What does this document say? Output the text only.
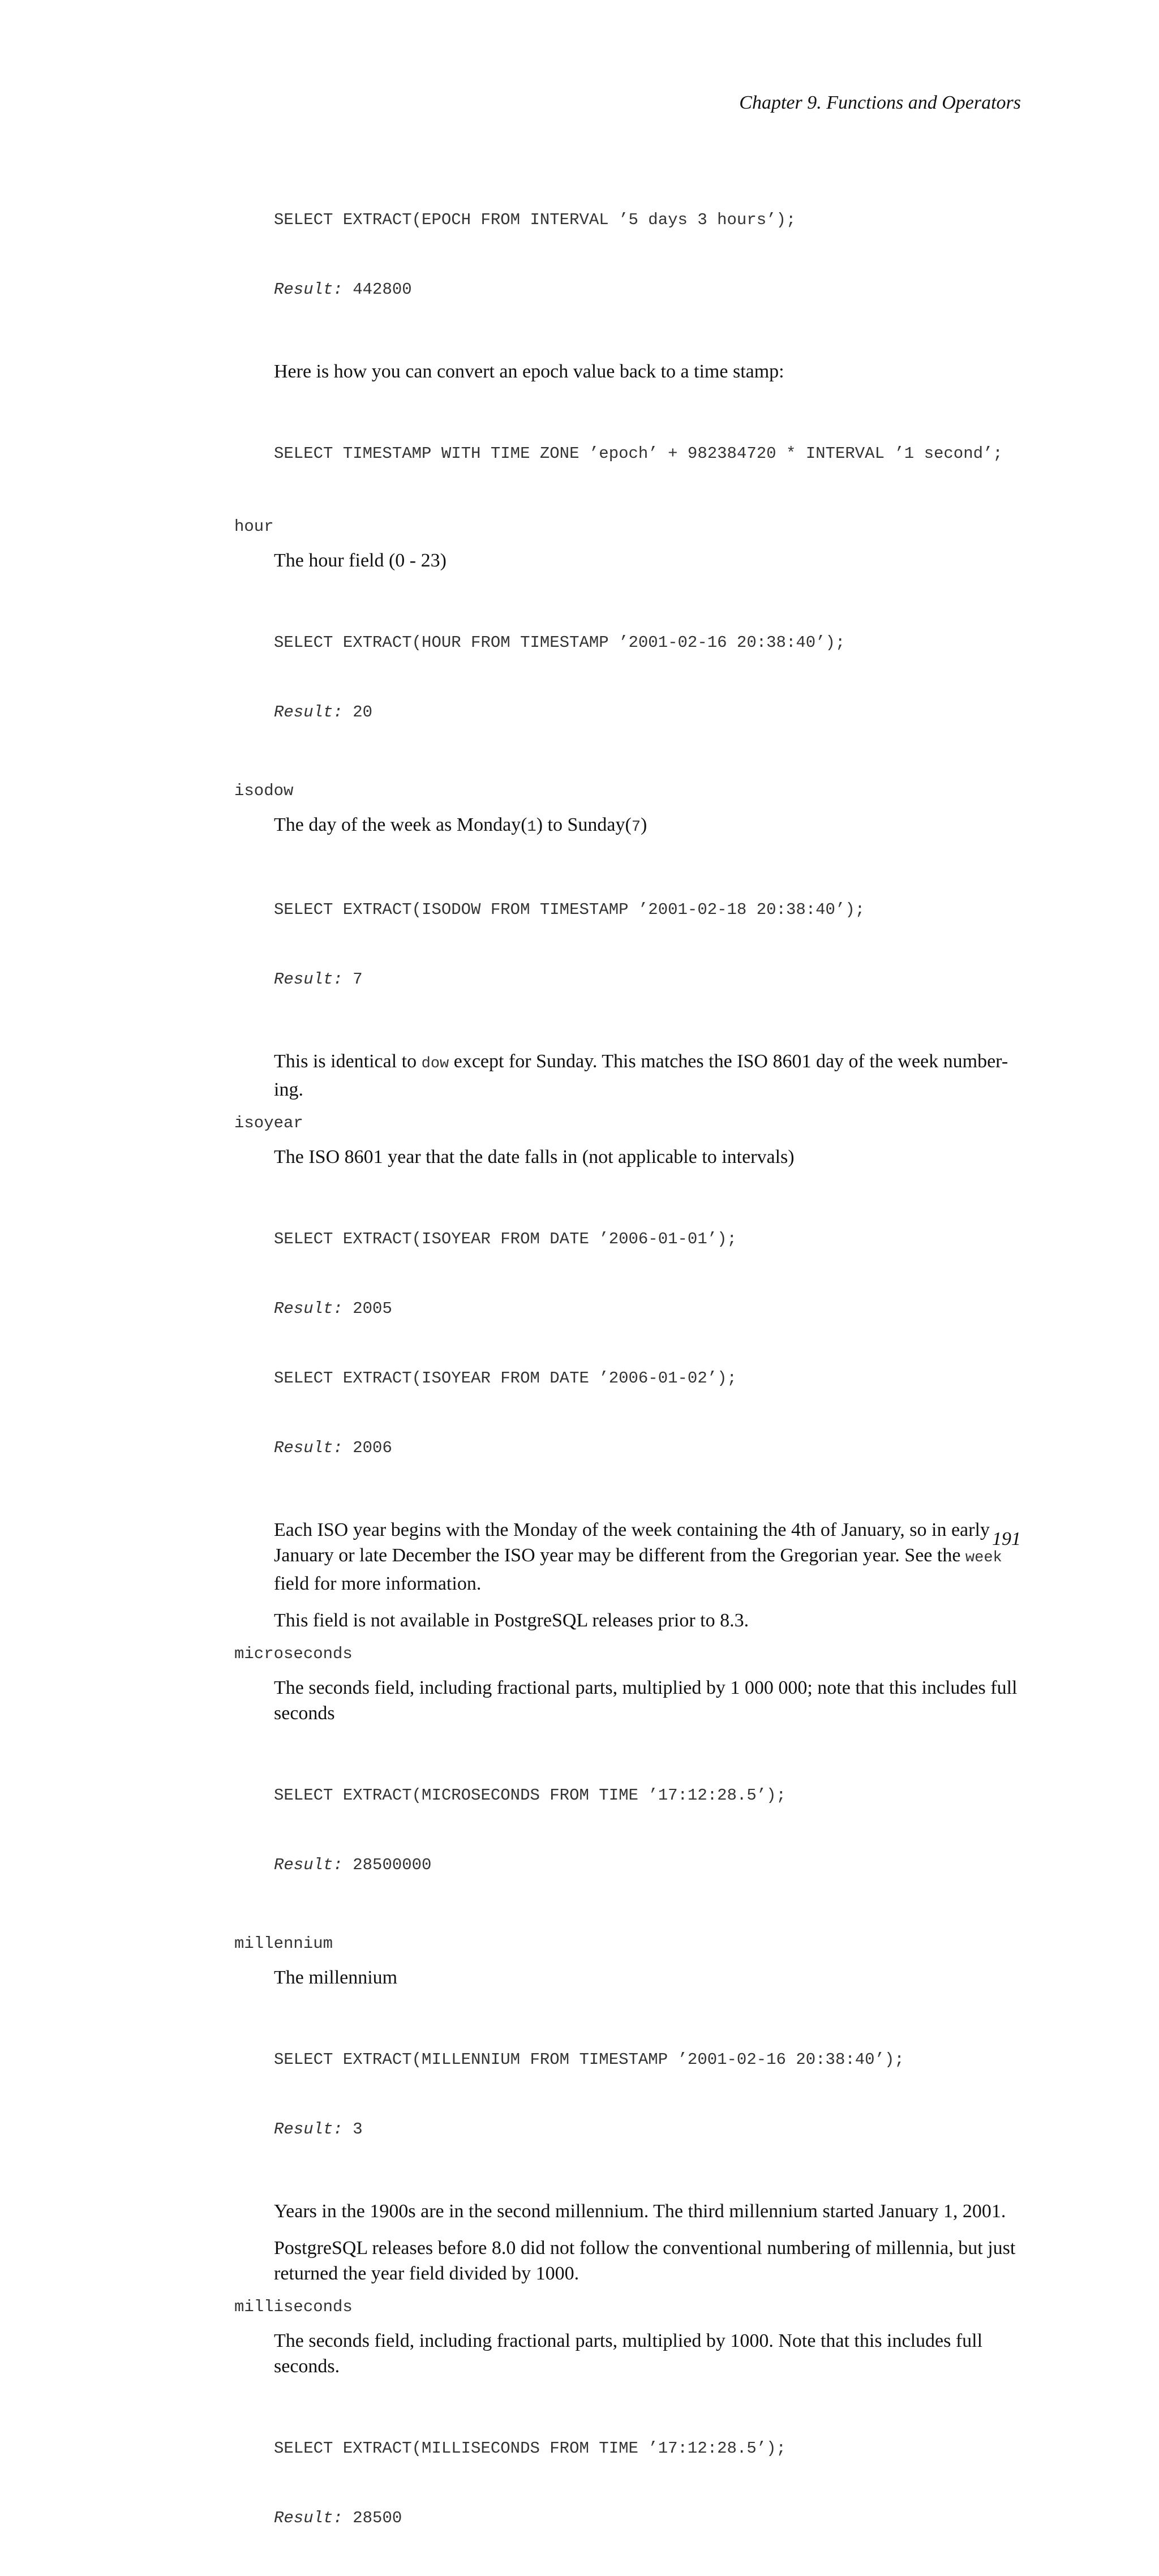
Chapter 9. Functions and Operators

SELECT EXTRACT(EPOCH FROM INTERVAL ’5 days 3 hours’);

Result: 442800

Here is how you can convert an epoch value back to a time stamp:

SELECT TIMESTAMP WITH TIME ZONE ’epoch’ + 982384720 * INTERVAL ’1 second’;

hour

The hour field (0 - 23)

SELECT EXTRACT(HOUR FROM TIMESTAMP ’2001-02-16 20:38:40’);

Result: 20

isodow

The day of the week as Monday(1) to Sunday(7)

SELECT EXTRACT(ISODOW FROM TIMESTAMP ’2001-02-18 20:38:40’);

Result: 7

This is identical to dow except for Sunday. This matches the ISO 8601 day of the week number-
ing.

isoyear

The ISO 8601 year that the date falls in (not applicable to intervals)

SELECT EXTRACT(ISOYEAR FROM DATE ’2006-01-01’);

Result: 2005

SELECT EXTRACT(ISOYEAR FROM DATE ’2006-01-02’);

Result: 2006

Each ISO year begins with the Monday of the week containing the 4th of January, so in early
January or late December the ISO year may be different from the Gregorian year. See the week
field for more information.

This field is not available in PostgreSQL releases prior to 8.3.

microseconds

The seconds field, including fractional parts, multiplied by 1 000 000; note that this includes full
seconds

SELECT EXTRACT(MICROSECONDS FROM TIME ’17:12:28.5’);

Result: 28500000

millennium

The millennium

SELECT EXTRACT(MILLENNIUM FROM TIMESTAMP ’2001-02-16 20:38:40’);

Result: 3

Years in the 1900s are in the second millennium. The third millennium started January 1, 2001.

PostgreSQL releases before 8.0 did not follow the conventional numbering of millennia, but just
returned the year field divided by 1000.

milliseconds

The seconds field, including fractional parts, multiplied by 1000. Note that this includes full
seconds.

SELECT EXTRACT(MILLISECONDS FROM TIME ’17:12:28.5’);

Result: 28500

191
